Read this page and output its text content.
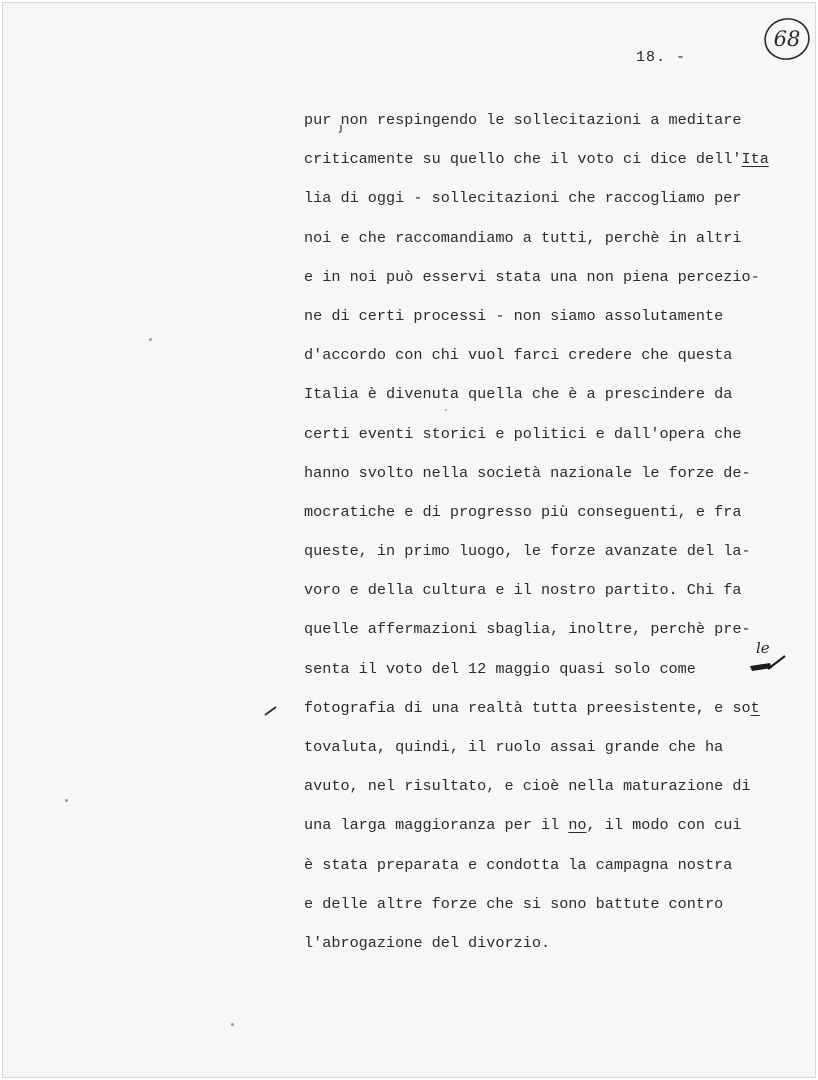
68
18. -
pur non respingendo le sollecitazioni a meditare
criticamente su quello che il voto ci dice dell'Ita
lia di oggi - sollecitazioni che raccogliamo per
noi e che raccomandiamo a tutti, perchè in altri
e in noi può esservi stata una non piena percezio-
ne di certi processi - non siamo assolutamente
d'accordo con chi vuol farci credere che questa
Italia è divenuta quella che è a prescindere da
certi eventi storici e politici e dall'opera che
hanno svolto nella società nazionale le forze de-
mocratiche e di progresso più conseguenti, e fra
queste, in primo luogo, le forze avanzate del la-
voro e della cultura e il nostro partito. Chi fa
quelle affermazioni sbaglia, inoltre, perchè pre-
senta il voto del 12 maggio quasi solo come
fotografia di una realtà tutta preesistente, e sot
tovaluta, quindi, il ruolo assai grande che ha
avuto, nel risultato, e cioè nella maturazione di
una larga maggioranza per il no, il modo con cui
è stata preparata e condotta la campagna nostra
e delle altre forze che si sono battute contro
l'abrogazione del divorzio.
le
